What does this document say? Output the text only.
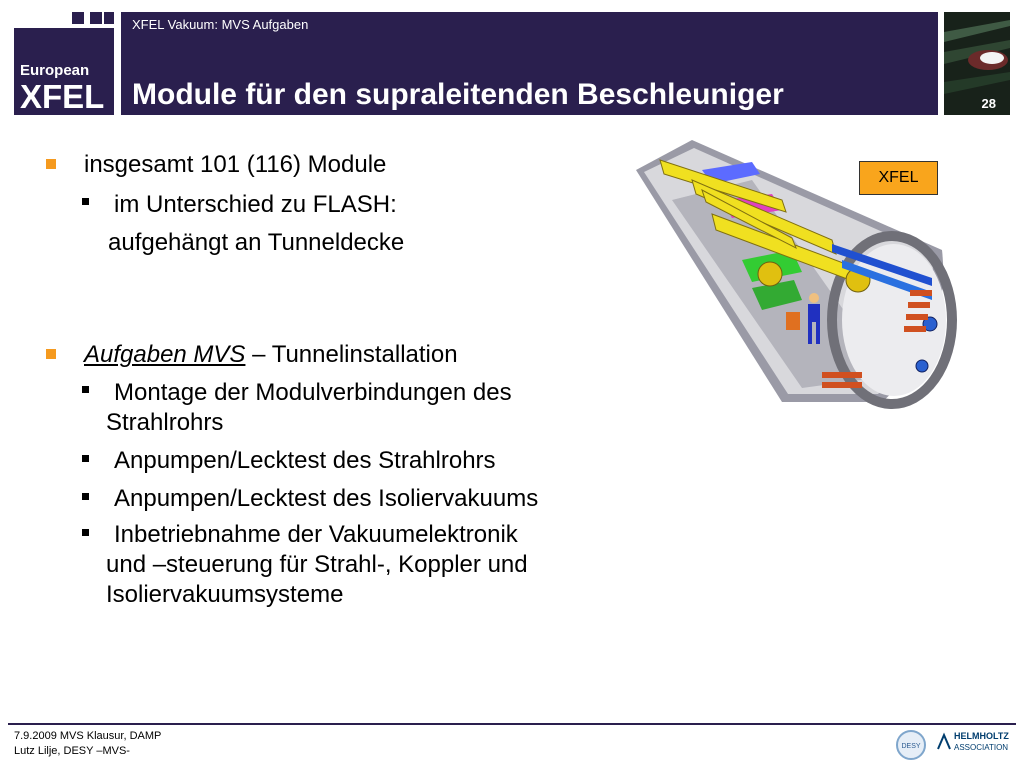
European
XFEL
XFEL Vakuum: MVS Aufgaben
Module für den supraleitenden Beschleuniger	28
insgesamt 101 (116) Module
im Unterschied zu FLASH:
aufgehängt an Tunneldecke
Aufgaben MVS – Tunnelinstallation
Montage der Modulverbindungen des
Strahlrohrs
Anpumpen/Lecktest des Strahlrohrs
Anpumpen/Lecktest des Isoliervakuums
Inbetriebnahme der Vakuumelektronik
und –steuerung für Strahl-, Koppler und
Isoliervakuumsysteme
XFEL
7.9.2009 MVS Klausur, DAMP
Lutz Lilje, DESY –MVS-	DESY
HELMHOLTZ
ASSOCIATION
